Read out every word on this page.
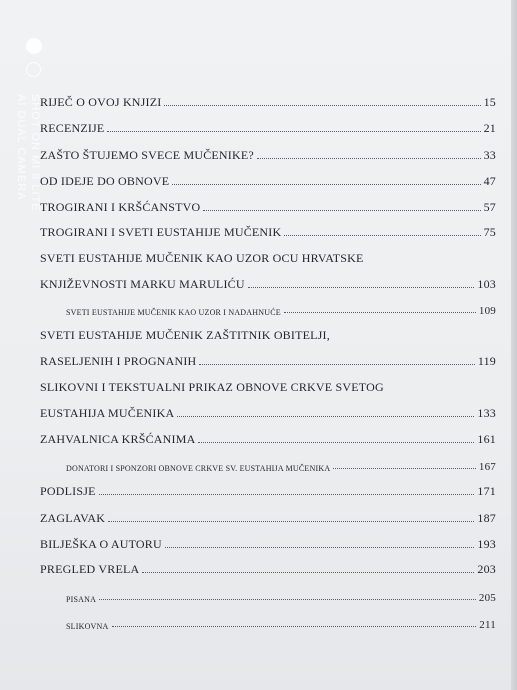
SHOT ON MI 8 LITE
AI DUAL CAMERA	RIJEČ O OVOJ KNJIZI	15
RECENZIJE	21
ZAŠTO ŠTUJEMO SVECE MUČENIKE?	33
OD IDEJE DO OBNOVE	47
TROGIRANI I KRŠĆANSTVO	57
TROGIRANI I SVETI EUSTAHIJE MUČENIK	75
SVETI EUSTAHIJE MUČENIK KAO UZOR OCU HRVATSKE
KNJIŽEVNOSTI MARKU MARULIĆU	103
SVETI EUSTAHIJE MUČENIK KAO UZOR I NADAHNUĆE	109
SVETI EUSTAHIJE MUČENIK ZAŠTITNIK OBITELJI,
RASELJENIH I PROGNANIH	119
SLIKOVNI I TEKSTUALNI PRIKAZ OBNOVE CRKVE SVETOG
EUSTAHIJA MUČENIKA	133
ZAHVALNICA KRŠĆANIMA	161
DONATORI I SPONZORI OBNOVE CRKVE SV. EUSTAHIJA MUČENIKA	167
PODLISJE	171
ZAGLAVAK	187
BILJEŠKA O AUTORU	193
PREGLED VRELA	203
PISANA	205
SLIKOVNA	211
